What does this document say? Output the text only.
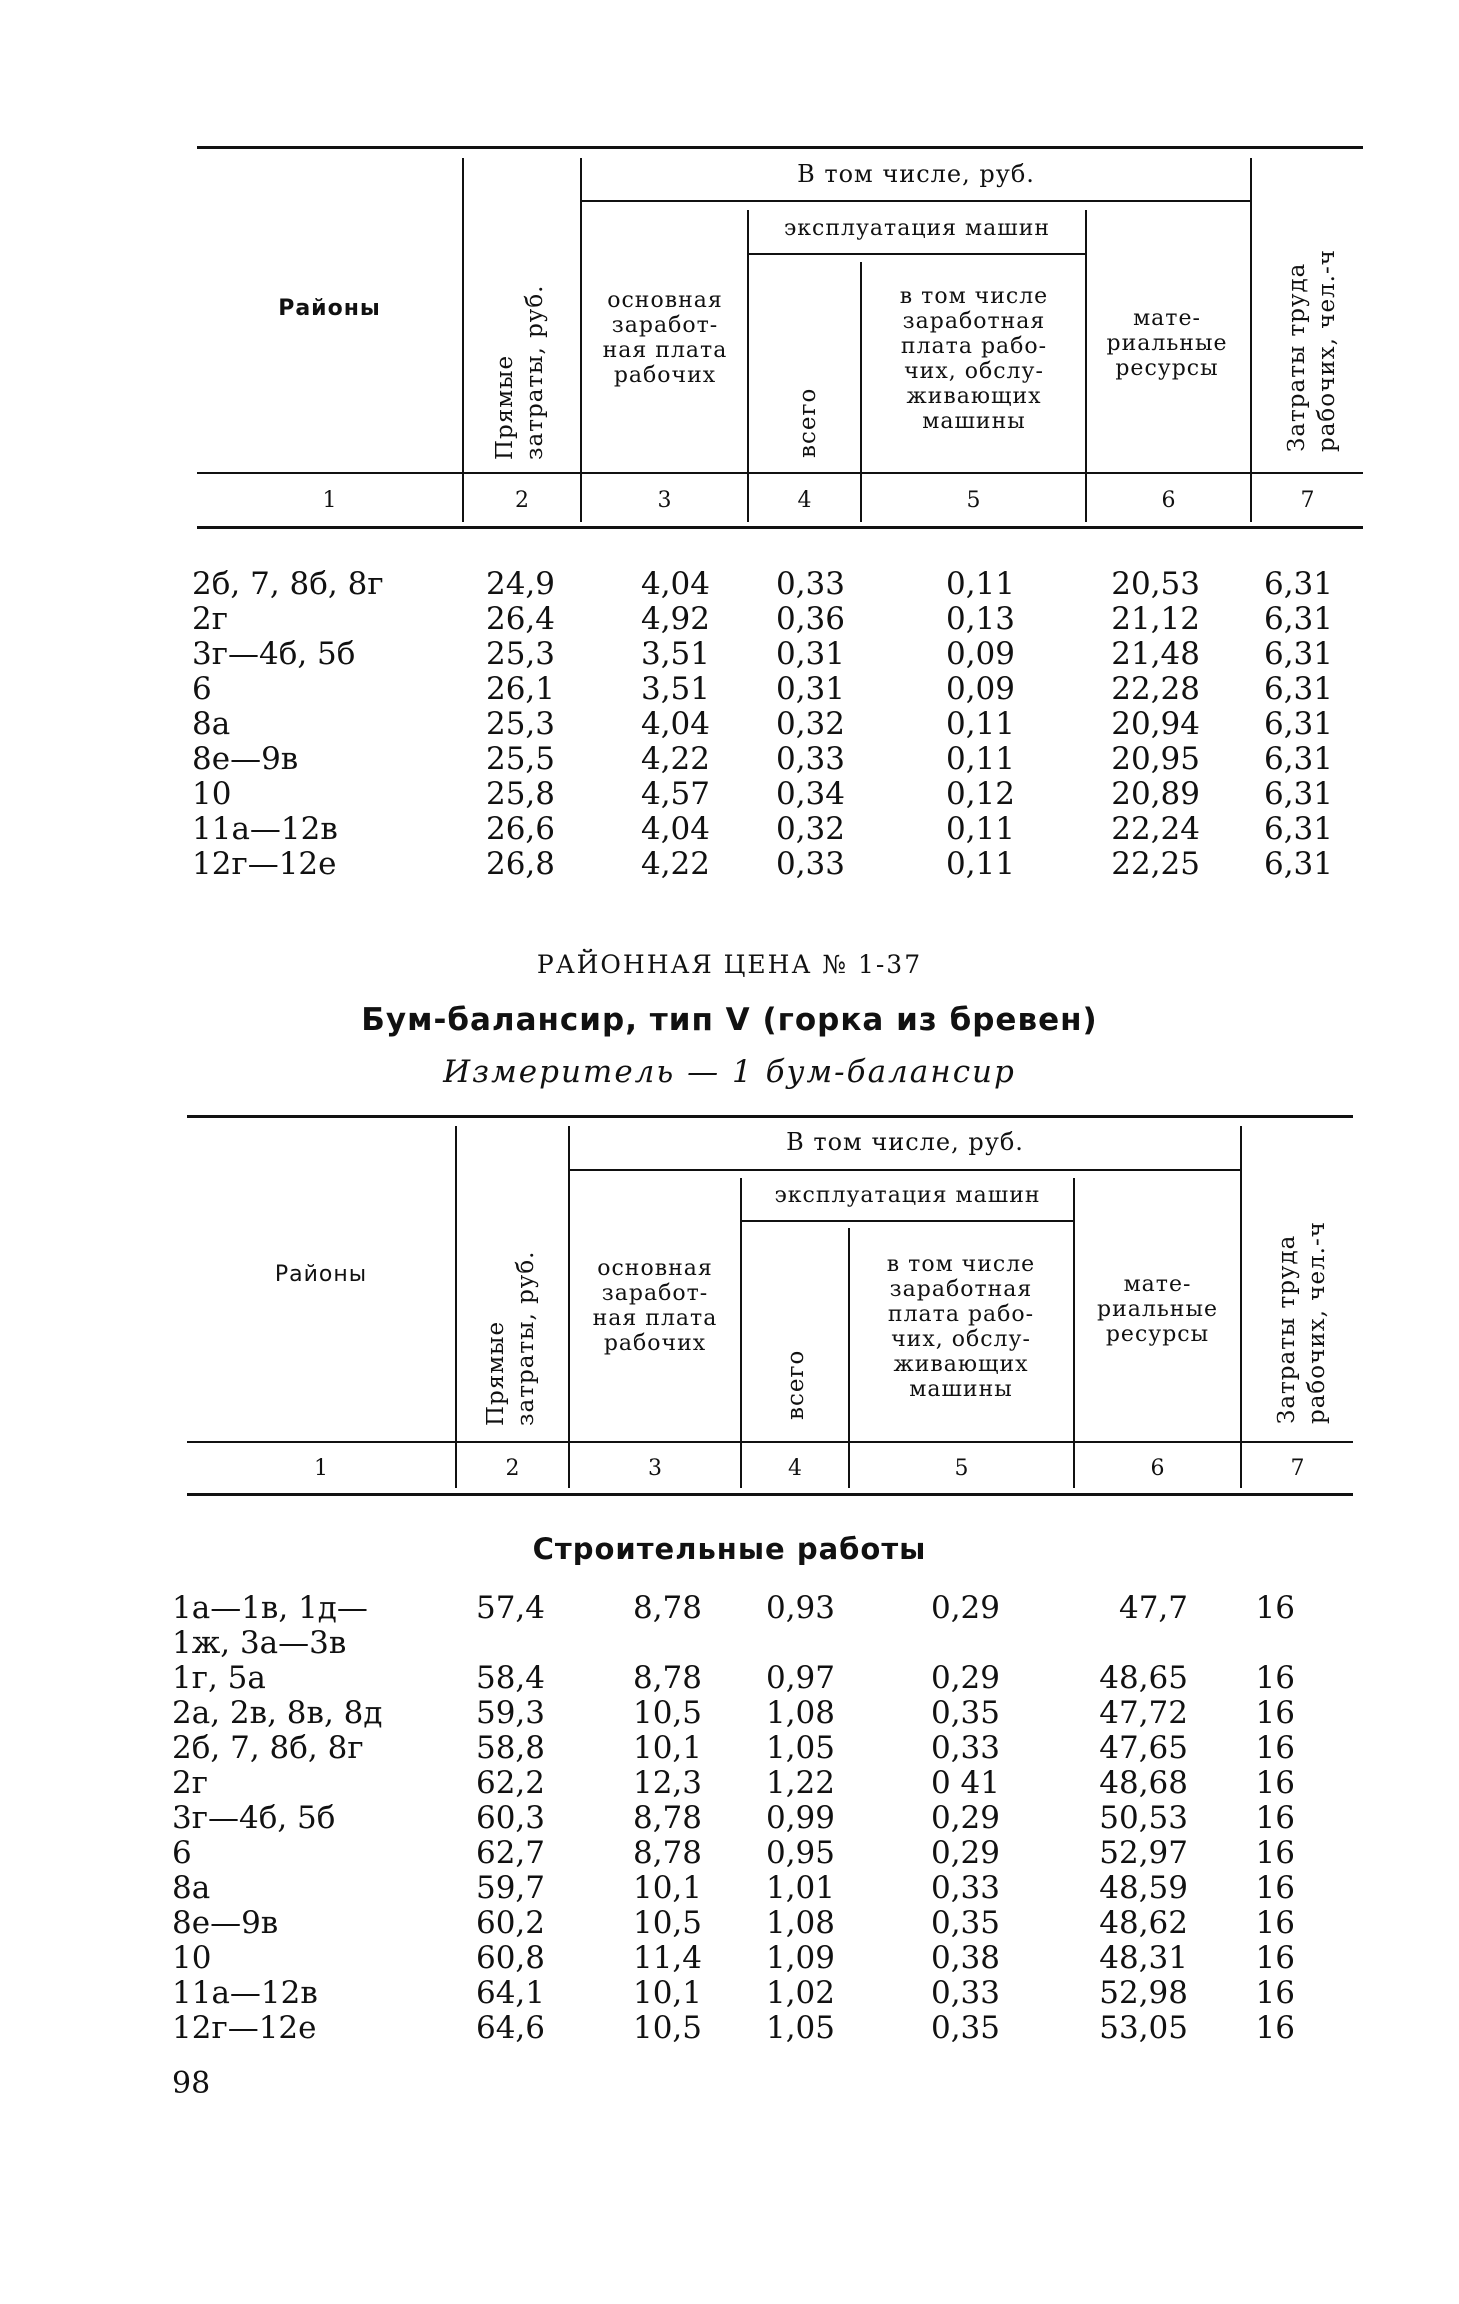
Районы
Прямые затраты, руб.
В том числе, руб.
эксплуатация машин
основная заработ- ная плата рабочих
всего
в том числе заработная плата рабо- чих, обслу- живающих машины
мате- риальные ресурсы	Затраты труда рабочих, чел.-ч
1	2	3	4	5	6	7
2б, 7, 8б, 8г	24,9	4,04	0,33	0,11	20,53	6,31
2г	26,4	4,92	0,36	0,13	21,12	6,31
3г—4б, 5б	25,3	3,51	0,31	0,09	21,48	6,31
6	26,1	3,51	0,31	0,09	22,28	6,31
8а	25,3	4,04	0,32	0,11	20,94	6,31
8е—9в	25,5	4,22	0,33	0,11	20,95	6,31
10	25,8	4,57	0,34	0,12	20,89	6,31
11а—12в	26,6	4,04	0,32	0,11	22,24	6,31
12г—12е	26,8	4,22	0,33	0,11	22,25	6,31
РАЙОННАЯ ЦЕНА № 1-37
Бум-балансир, тип V (горка из бревен)
Измеритель — 1 бум-балансир
Районы
Прямые затраты, руб.
В том числе, руб.
эксплуатация машин
основная заработ- ная плата рабочих
всего
в том числе заработная плата рабо- чих, обслу- живающих машины
мате- риальные ресурсы	Затраты труда рабочих, чел.-ч
1	2	3	4	5	6	7
Строительные работы
1а—1в, 1д—	57,4	8,78	0,93	0,29	47,7	16
1ж, 3а—3в
1г, 5а	58,4	8,78	0,97	0,29	48,65	16
2а, 2в, 8в, 8д	59,3	10,5	1,08	0,35	47,72	16
2б, 7, 8б, 8г	58,8	10,1	1,05	0,33	47,65	16
2г	62,2	12,3	1,22	0 41	48,68	16
3г—4б, 5б	60,3	8,78	0,99	0,29	50,53	16
6	62,7	8,78	0,95	0,29	52,97	16
8а	59,7	10,1	1,01	0,33	48,59	16
8е—9в	60,2	10,5	1,08	0,35	48,62	16
10	60,8	11,4	1,09	0,38	48,31	16
11а—12в	64,1	10,1	1,02	0,33	52,98	16
12г—12е	64,6	10,5	1,05	0,35	53,05	16
98
